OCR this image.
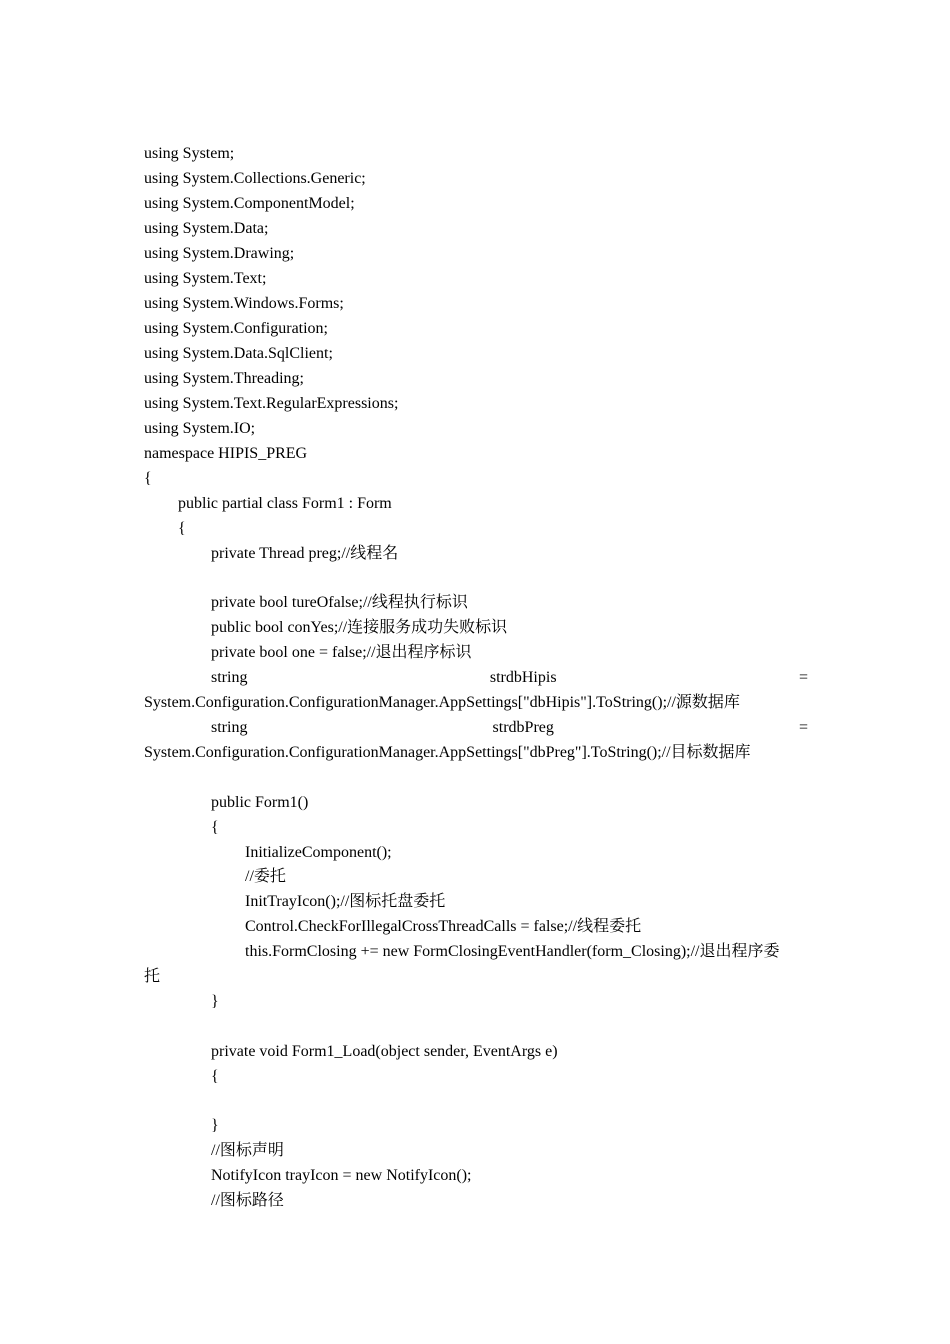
using System;
using System.Collections.Generic;
using System.ComponentModel;
using System.Data;
using System.Drawing;
using System.Text;
using System.Windows.Forms;
using System.Configuration;
using System.Data.SqlClient;
using System.Threading;
using System.Text.RegularExpressions;
using System.IO;
namespace HIPIS_PREG
{
public partial class Form1 : Form
{
private Thread preg;//线程名
private bool tureOfalse;//线程执行标识
public bool conYes;//连接服务成功失败标识
private bool one = false;//退出程序标识
string	strdbHipis	=
System.Configuration.ConfigurationManager.AppSettings["dbHipis"].ToString();//源数据库
string	strdbPreg	=
System.Configuration.ConfigurationManager.AppSettings["dbPreg"].ToString();//目标数据库
public Form1()
{
InitializeComponent();
//委托
InitTrayIcon();//图标托盘委托
Control.CheckForIllegalCrossThreadCalls = false;//线程委托
this.FormClosing += new FormClosingEventHandler(form_Closing);//退出程序委
托
}
private void Form1_Load(object sender, EventArgs e)
{
}
//图标声明
NotifyIcon trayIcon = new NotifyIcon();
//图标路径
